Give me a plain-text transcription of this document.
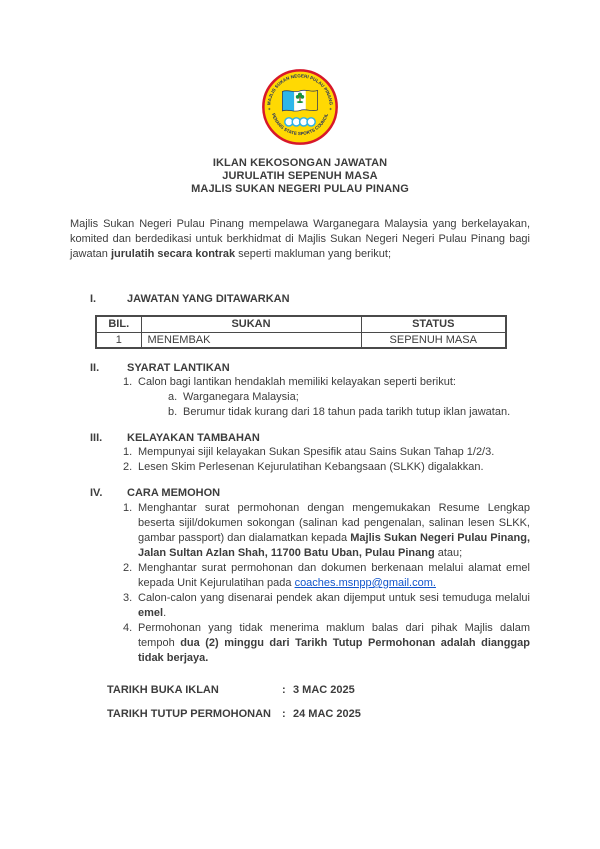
MAJLIS SUKAN NEGERI PULAU PINANG
PENANG STATE SPORTS COUNCIL
✶	✶
IKLAN KEKOSONGAN JAWATAN
JURULATIH SEPENUH MASA
MAJLIS SUKAN NEGERI PULAU PINANG

Majlis Sukan Negeri Pulau Pinang mempelawa Warganegara Malaysia yang berkelayakan, komited dan berdedikasi untuk berkhidmat di Majlis Sukan Negeri Negeri Pulau Pinang bagi jawatan jurulatih secara kontrak seperti makluman yang berikut;

I.	JAWATAN YANG DITAWARKAN
BIL.	SUKAN	STATUS
1	MENEMBAK	SEPENUH MASA
II.	SYARAT LANTIKAN
1. Calon bagi lantikan hendaklah memiliki kelayakan seperti berikut:
a. Warganegara Malaysia;
b. Berumur tidak kurang dari 18 tahun pada tarikh tutup iklan jawatan.
III.	KELAYAKAN TAMBAHAN
1. Mempunyai sijil kelayakan Sukan Spesifik atau Sains Sukan Tahap 1/2/3.
2. Lesen Skim Perlesenan Kejurulatihan Kebangsaan (SLKK) digalakkan.
IV.	CARA MEMOHON
1. Menghantar surat permohonan dengan mengemukakan Resume Lengkap beserta sijil/dokumen sokongan (salinan kad pengenalan, salinan lesen SLKK, gambar passport) dan dialamatkan kepada Majlis Sukan Negeri Pulau Pinang, Jalan Sultan Azlan Shah, 11700 Batu Uban, Pulau Pinang atau;
2. Menghantar surat permohonan dan dokumen berkenaan melalui alamat emel kepada Unit Kejurulatihan pada coaches.msnpp@gmail.com.
3. Calon-calon yang disenarai pendek akan dijemput untuk sesi temuduga melalui emel.
4. Permohonan yang tidak menerima maklum balas dari pihak Majlis dalam tempoh dua (2) minggu dari Tarikh Tutup Permohonan adalah dianggap tidak berjaya.
TARIKH BUKA IKLAN	: 3 MAC 2025
TARIKH TUTUP PERMOHONAN	: 24 MAC 2025
